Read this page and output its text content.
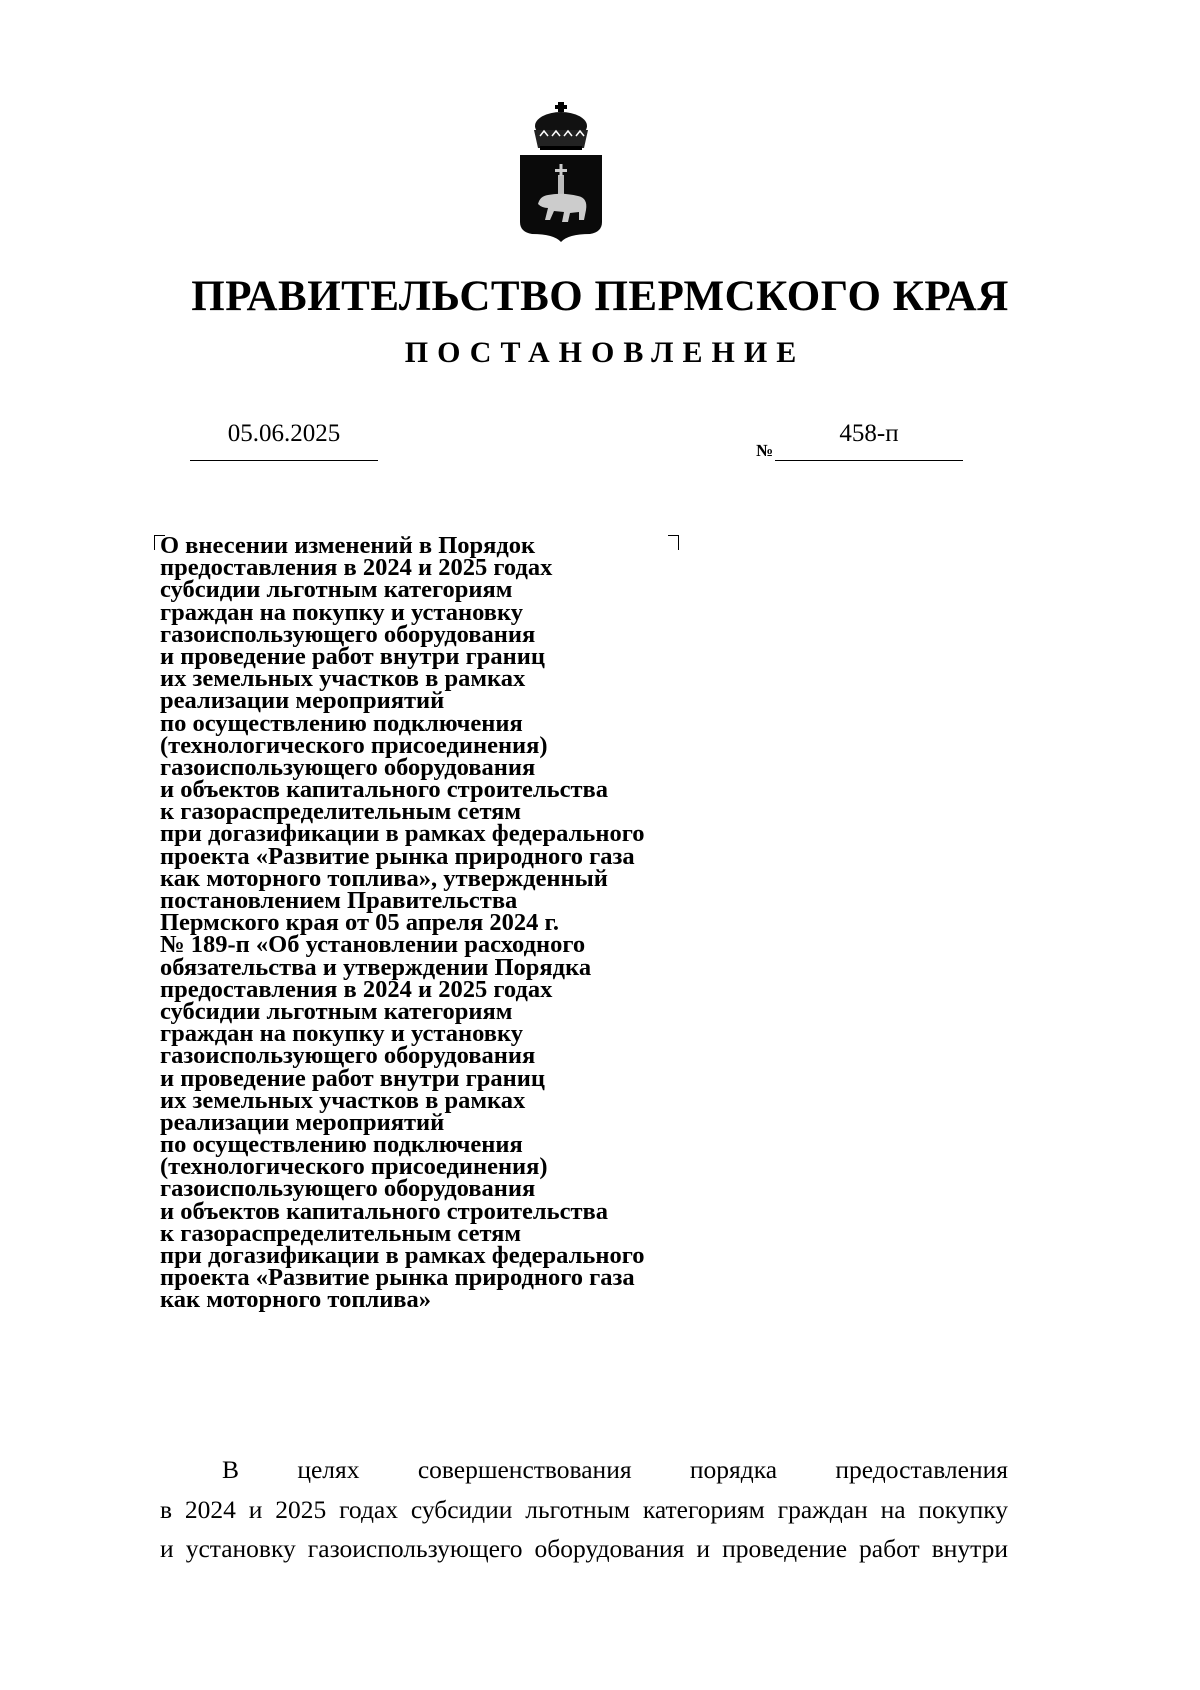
ПРАВИТЕЛЬСТВО ПЕРМСКОГО КРАЯ
ПОСТАНОВЛЕНИЕ
05.06.2025
№
458-п
О внесении изменений в Порядок
предоставления в 2024 и 2025 годах
субсидии льготным категориям
граждан на покупку и установку
газоиспользующего оборудования
и проведение работ внутри границ
их земельных участков в рамках
реализации мероприятий
по осуществлению подключения
(технологического присоединения)
газоиспользующего оборудования
и объектов капитального строительства
к газораспределительным сетям
при догазификации в рамках федерального
проекта «Развитие рынка природного газа
как моторного топлива», утвержденный
постановлением Правительства
Пермского края от 05 апреля 2024 г.
№ 189-п «Об установлении расходного
обязательства и утверждении Порядка
предоставления в 2024 и 2025 годах
субсидии льготным категориям
граждан на покупку и установку
газоиспользующего оборудования
и проведение работ внутри границ
их земельных участков в рамках
реализации мероприятий
по осуществлению подключения
(технологического присоединения)
газоиспользующего оборудования
и объектов капитального строительства
к газораспределительным сетям
при догазификации в рамках федерального
проекта «Развитие рынка природного газа
как моторного топлива»
В целях совершенствования порядка предоставления
в 2024 и 2025 годах субсидии льготным категориям граждан на покупку
и установку газоиспользующего оборудования и проведение работ внутри
